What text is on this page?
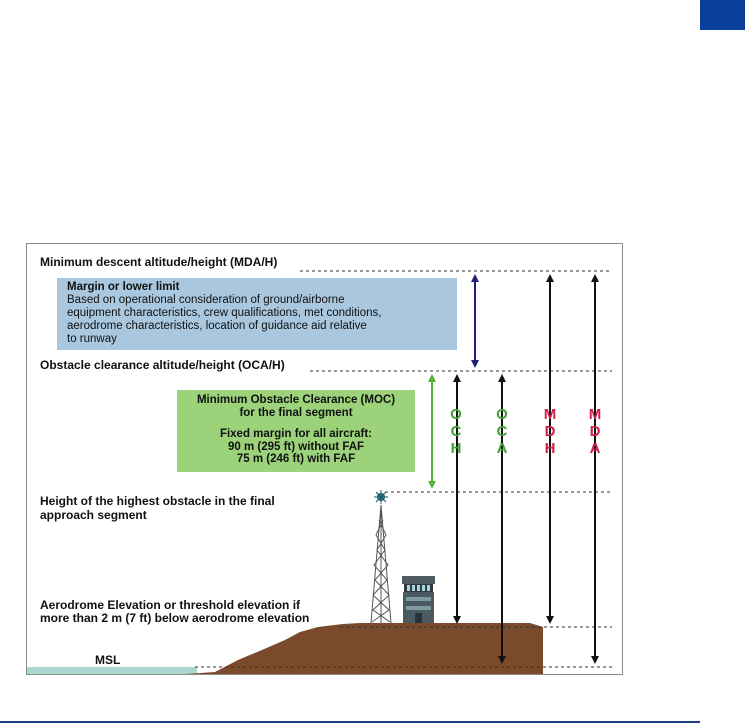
Minimum descent altitude/height (MDA/H)
Obstacle clearance altitude/height (OCA/H)
Height of the highest obstacle in the final
approach segment
Aerodrome Elevation or threshold elevation if
more than 2 m (7 ft) below aerodrome elevation
MSL
Margin or lower limit
Based on operational consideration of ground/airborne
equipment characteristics, crew qualifications, met conditions,
aerodrome characteristics, location of guidance aid relative
to runway
Minimum Obstacle Clearance (MOC)
for the final segment
Fixed margin for all aircraft:
90 m (295 ft) without FAF
75 m (246 ft) with FAF
O
C
H
O
C
A
M
D
H
M
D
A
